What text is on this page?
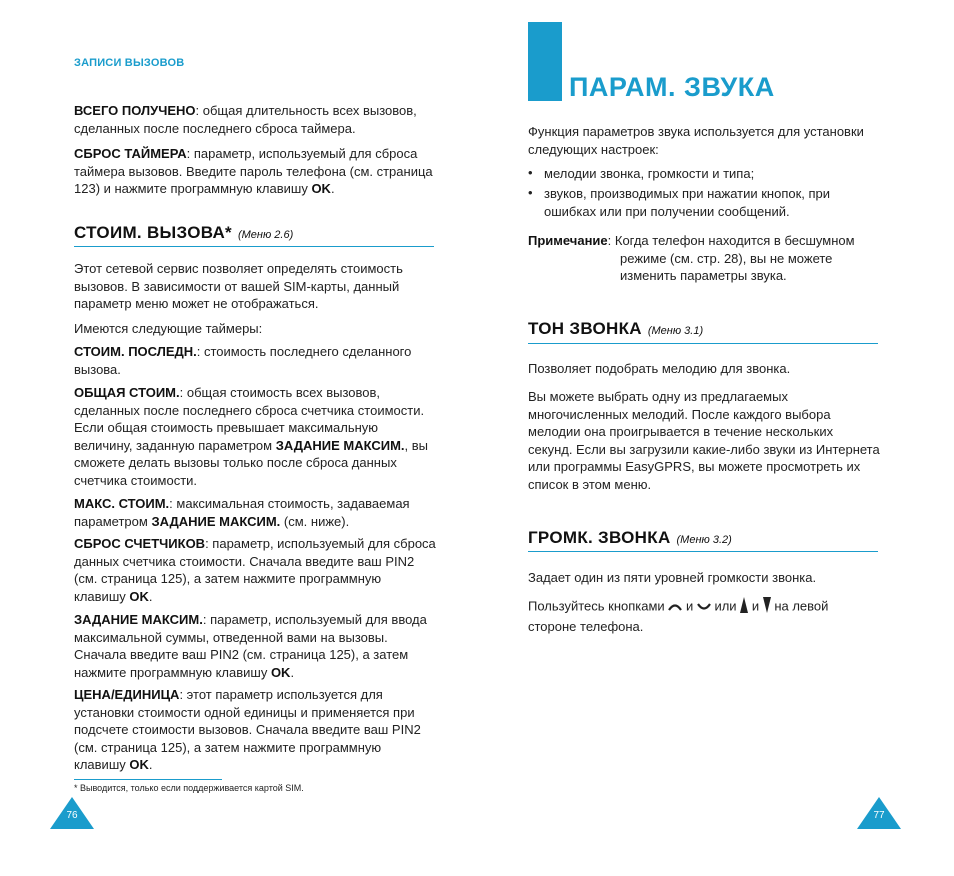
ЗАПИСИ ВЫЗОВОВ
ВСЕГО ПОЛУЧЕНО: общая длительность всех вызовов, сделанных после последнего сброса таймера.
СБРОС ТАЙМЕРА: параметр, используемый для сброса таймера вызовов. Введите пароль телефона (см. страница 123) и нажмите программную клавишу OK.
СТОИМ. ВЫЗОВА* (Меню 2.6)
Этот сетевой сервис позволяет определять стоимость вызовов. В зависимости от вашей SIM-карты, данный параметр меню может не отображаться.
Имеются следующие таймеры:
СТОИМ. ПОСЛЕДН.: стоимость последнего сделанного вызова.
ОБЩАЯ СТОИМ.: общая стоимость всех вызовов, сделанных после последнего сброса счетчика стоимости. Если общая стоимость превышает максимальную величину, заданную параметром ЗАДАНИЕ МАКСИМ., вы сможете делать вызовы только после сброса данных счетчика стоимости.
МАКС. СТОИМ.: максимальная стоимость, задаваемая параметром ЗАДАНИЕ МАКСИМ. (см. ниже).
СБРОС СЧЕТЧИКОВ: параметр, используемый для сброса данных счетчика стоимости. Сначала введите ваш PIN2 (см. страница 125), а затем нажмите программную клавишу OK.
ЗАДАНИЕ МАКСИМ.: параметр, используемый для ввода максимальной суммы, отведенной вами на вызовы. Сначала введите ваш PIN2 (см. страница 125), а затем нажмите программную клавишу OK.
ЦЕНА/ЕДИНИЦА: этот параметр используется для установки стоимости одной единицы и применяется при подсчете стоимости вызовов. Сначала введите ваш PIN2 (см. страница 125), а затем нажмите программную клавишу OK.
* Выводится, только если поддерживается картой SIM.
76
ПАРАМ. ЗВУКА
Функция параметров звука используется для установки следующих настроек:
• мелодии звонка, громкости и типа;
• звуков, производимых при нажатии кнопок, при ошибках или при получении сообщений.
Примечание: Когда телефон находится в бесшумном
режиме (см. стр. 28), вы не можете изменить параметры звука.
ТОН ЗВОНКА (Меню 3.1)
Позволяет подобрать мелодию для звонка.
Вы можете выбрать одну из предлагаемых многочисленных мелодий. После каждого выбора мелодии она проигрывается в течение нескольких секунд. Если вы загрузили какие-либо звуки из Интернета или программы EasyGPRS, вы можете просмотреть их список в этом меню.
ГРОМК. ЗВОНКА (Меню 3.2)
Задает один из пяти уровней громкости звонка.
Пользуйтесь кнопками и или и на левой стороне телефона.
77
